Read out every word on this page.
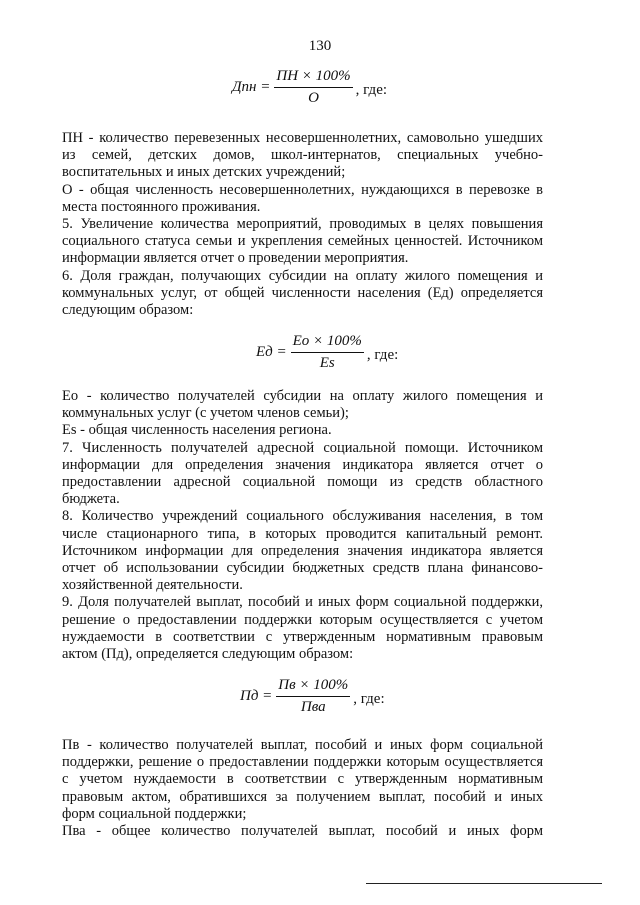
130
Дпн = $\frac{ПН \times 100\%}{О}$ , где:

ПН - количество перевезенных несовершеннолетних, самовольно ушедших

из семей, детских домов, школ-интернатов, специальных учебно-

воспитательных и иных детских учреждений;

О - общая численность несовершеннолетних, нуждающихся в перевозке в

места постоянного проживания.

5. Увеличение количества мероприятий, проводимых в целях повышения

социального статуса семьи и укрепления семейных ценностей. Источником

информации является отчет о проведении мероприятия.

6. Доля граждан, получающих субсидии на оплату жилого помещения и

коммунальных услуг, от общей численности населения (Ед) определяется

следующим образом:

Ед = $\frac{Ео \times 100\%}{Es}$ , где:

Ео - количество получателей субсидии на оплату жилого помещения и

коммунальных услуг (с учетом членов семьи);

Es - общая численность населения региона.

7. Численность получателей адресной социальной помощи. Источником

информации для определения значения индикатора является отчет о

предоставлении адресной социальной помощи из средств областного

бюджета.

8. Количество учреждений социального обслуживания населения, в том

числе стационарного типа, в которых проводится капитальный ремонт.

Источником информации для определения значения индикатора является

отчет об использовании субсидии бюджетных средств плана финансово-

хозяйственной деятельности.

9. Доля получателей выплат, пособий и иных форм социальной поддержки,

решение о предоставлении поддержки которым осуществляется с учетом

нуждаемости в соответствии с утвержденным нормативным правовым

актом (Пд), определяется следующим образом:

Пд = $\frac{Пв \times 100\%}{\text{Пва}}$ , где:

Пв - количество получателей выплат, пособий и иных форм социальной

поддержки, решение о предоставлении поддержки которым осуществляется

с учетом нуждаемости в соответствии с утвержденным нормативным

правовым актом, обратившихся за получением выплат, пособий и иных

форм социальной поддержки;

Пва - общее количество получателей выплат, пособий и иных форм
